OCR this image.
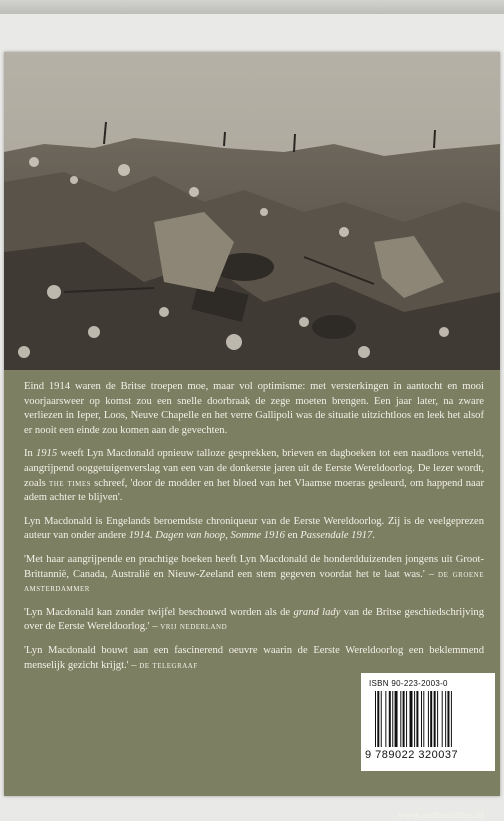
Eind 1914 waren de Britse troepen moe, maar vol optimisme: met versterkingen in aantocht en mooi voorjaarsweer op komst zou een snelle doorbraak de zege moeten brengen. Een jaar later, na zware verliezen in Ieper, Loos, Neuve Chapelle en het verre Gallipoli was de situatie uitzichtloos en leek het alsof er nooit een einde zou komen aan de gevechten.

In 1915 weeft Lyn Macdonald opnieuw talloze gesprekken, brieven en dagboeken tot een naadloos verteld, aangrijpend ooggetuigenverslag van een van de donkerste jaren uit de Eerste Wereldoorlog. De lezer wordt, zoals the times schreef, 'door de modder en het bloed van het Vlaamse moeras gesleurd, om happend naar adem achter te blijven'.

Lyn Macdonald is Engelands beroemdste chroniqueur van de Eerste Wereldoorlog. Zij is de veelgeprezen auteur van onder andere 1914. Dagen van hoop, Somme 1916 en Passendale 1917.

'Met haar aangrijpende en prachtige boeken heeft Lyn Macdonald de honderdduizenden jongens uit Groot-Brittannië, Canada, Australië en Nieuw-Zeeland een stem gegeven voordat het te laat was.' – de groene amsterdammer

'Lyn Macdonald kan zonder twijfel beschouwd worden als de grand lady van de Britse geschiedschrijving over de Eerste Wereldoorlog.' – vrij nederland

'Lyn Macdonald bouwt aan een fascinerend oeuvre waarin de Eerste Wereldoorlog een beklemmend menselijk gezicht krijgt.' – de telegraaf

ISBN 90-223-2003-0
9 789022 320037
www.amboanthos.nl
